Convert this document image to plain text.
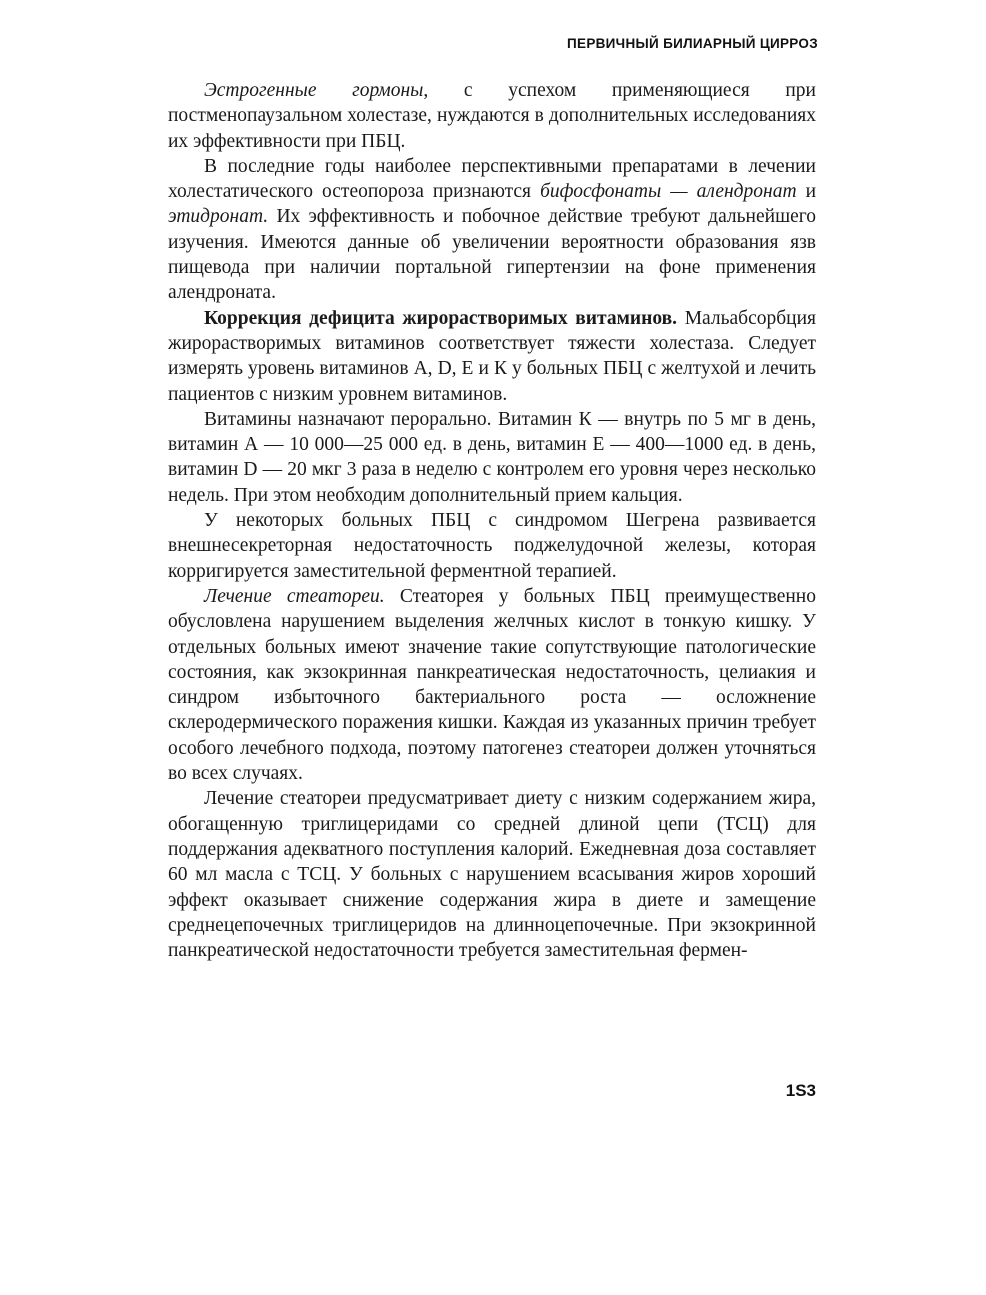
ПЕРВИЧНЫЙ БИЛИАРНЫЙ ЦИРРОЗ

Эстрогенные гормоны, с успехом применяющиеся при постменопаузальном холестазе, нуждаются в дополнительных исследованиях их эффективности при ПБЦ.

В последние годы наиболее перспективными препаратами в лечении холестатического остеопороза признаются бифосфонаты — алендронат и этидронат. Их эффективность и побочное действие требуют дальнейшего изучения. Имеются данные об увеличении вероятности образования язв пищевода при наличии портальной гипертензии на фоне применения алендроната.

Коррекция дефицита жирорастворимых витаминов. Мальабсорбция жирорастворимых витаминов соответствует тяжести холестаза. Следует измерять уровень витаминов А, D, Е и К у больных ПБЦ с желтухой и лечить пациентов с низким уровнем витаминов.

Витамины назначают перорально. Витамин К — внутрь по 5 мг в день, витамин А — 10 000—25 000 ед. в день, витамин Е — 400—1000 ед. в день, витамин D — 20 мкг 3 раза в неделю с контролем его уровня через несколько недель. При этом необходим дополнительный прием кальция.

У некоторых больных ПБЦ с синдромом Шегрена развивается внешнесекреторная недостаточность поджелудочной железы, которая корригируется заместительной ферментной терапией.

Лечение стеатореи. Стеаторея у больных ПБЦ преимущественно обусловлена нарушением выделения желчных кислот в тонкую кишку. У отдельных больных имеют значение такие сопутствующие патологические состояния, как экзокринная панкреатическая недостаточность, целиакия и синдром избыточного бактериального роста — осложнение склеродермического поражения кишки. Каждая из указанных причин требует особого лечебного подхода, поэтому патогенез стеатореи должен уточняться во всех случаях.

Лечение стеатореи предусматривает диету с низким содержанием жира, обогащенную триглицеридами со средней длиной цепи (ТСЦ) для поддержания адекватного поступления калорий. Ежедневная доза составляет 60 мл масла с ТСЦ. У больных с нарушением всасывания жиров хороший эффект оказывает снижение содержания жира в диете и замещение среднецепочечных триглицеридов на длинноцепочечные. При экзокринной панкреатической недостаточности требуется заместительная фермен-

1S3
